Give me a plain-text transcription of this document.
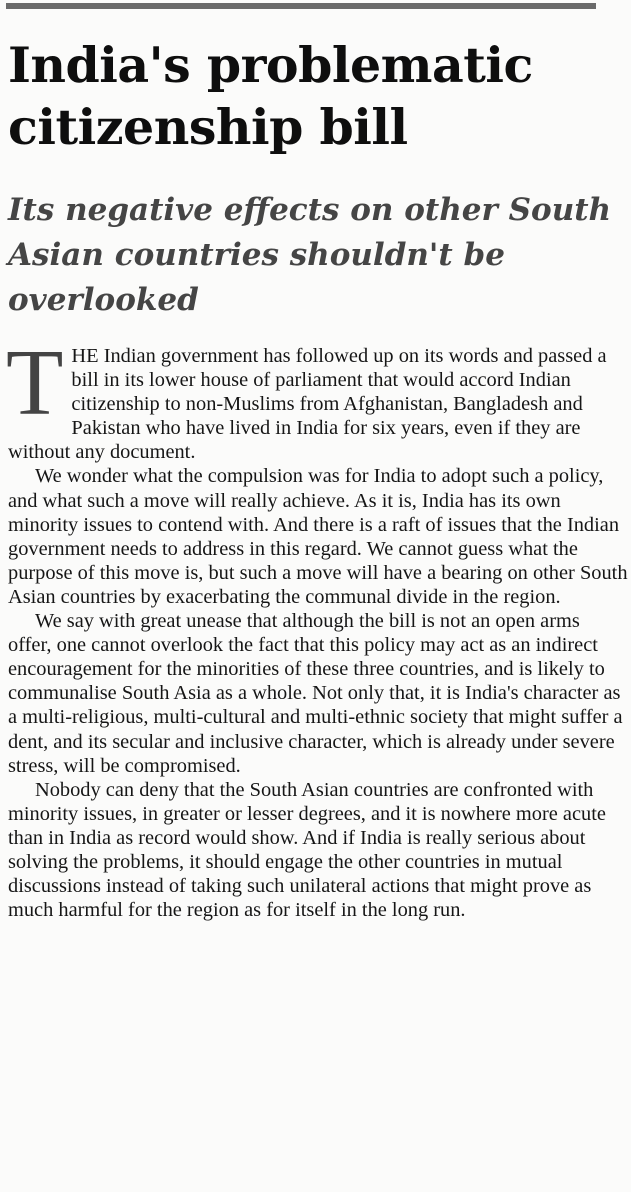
India's problematic citizenship bill
Its negative effects on other South Asian countries shouldn't be overlooked

THE Indian government has followed up on its words and passed a bill in its lower house of parliament that would accord Indian citizenship to non-Muslims from Afghanistan, Bangladesh and Pakistan who have lived in India for six years, even if they are without any document.

We wonder what the compulsion was for India to adopt such a policy, and what such a move will really achieve. As it is, India has its own minority issues to contend with. And there is a raft of issues that the Indian government needs to address in this regard. We cannot guess what the purpose of this move is, but such a move will have a bearing on other South Asian countries by exacerbating the communal divide in the region.

We say with great unease that although the bill is not an open arms offer, one cannot overlook the fact that this policy may act as an indirect encouragement for the minorities of these three countries, and is likely to communalise South Asia as a whole. Not only that, it is India's character as a multi-religious, multi-cultural and multi-ethnic society that might suffer a dent, and its secular and inclusive character, which is already under severe stress, will be compromised.

Nobody can deny that the South Asian countries are confronted with minority issues, in greater or lesser degrees, and it is nowhere more acute than in India as record would show. And if India is really serious about solving the problems, it should engage the other countries in mutual discussions instead of taking such unilateral actions that might prove as much harmful for the region as for itself in the long run.
